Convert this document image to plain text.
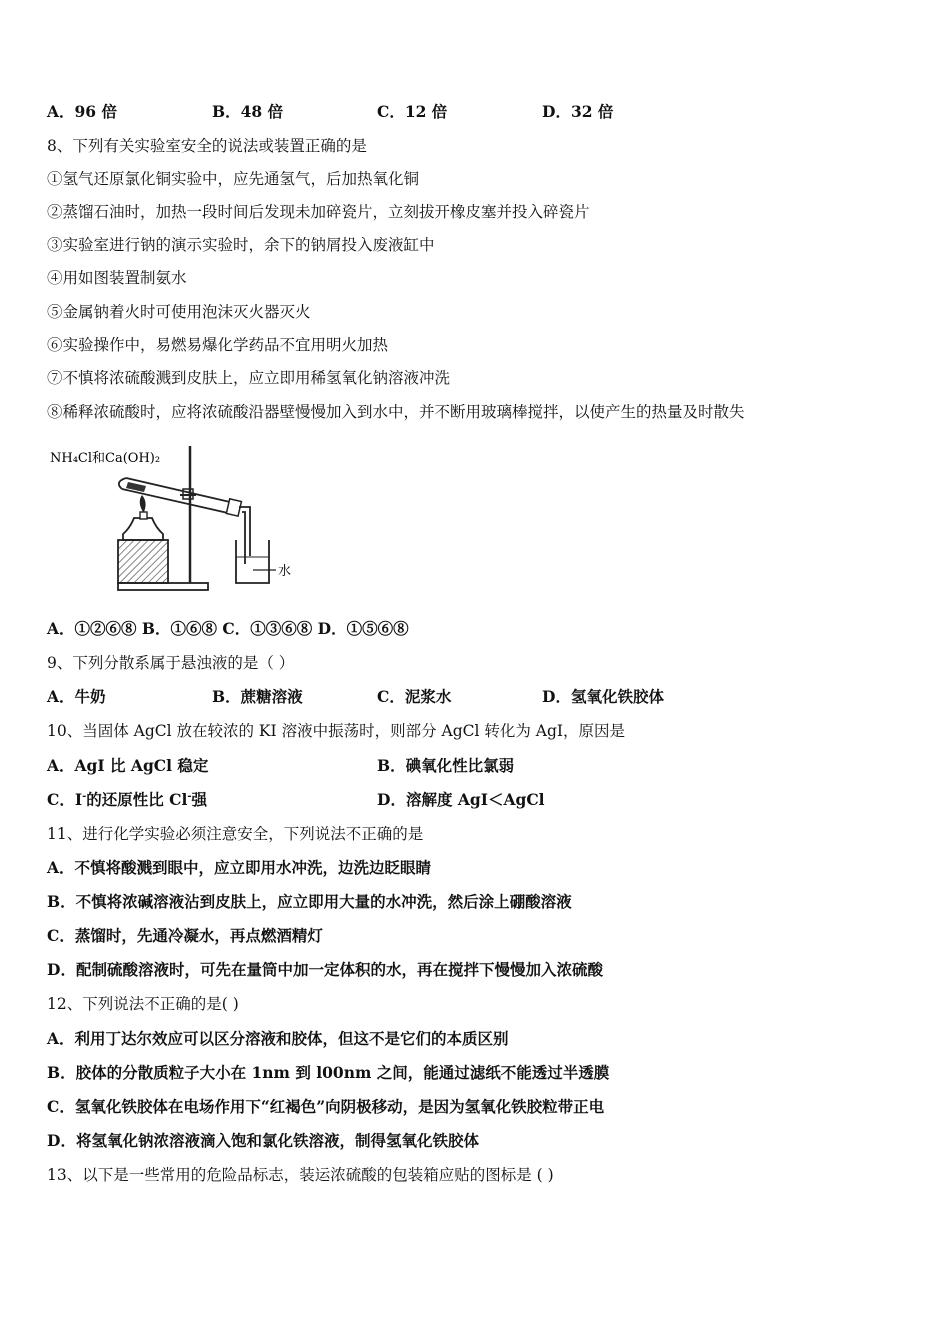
A．96 倍	B．48 倍	C．12 倍	D．32 倍
8、下列有关实验室安全的说法或装置正确的是
①氢气还原氯化铜实验中，应先通氢气，后加热氧化铜
②蒸馏石油时，加热一段时间后发现未加碎瓷片，立刻拔开橡皮塞并投入碎瓷片
③实验室进行钠的演示实验时，余下的钠屑投入废液缸中
④用如图装置制氨水
⑤金属钠着火时可使用泡沫灭火器灭火
⑥实验操作中，易燃易爆化学药品不宜用明火加热
⑦不慎将浓硫酸溅到皮肤上，应立即用稀氢氧化钠溶液冲洗
⑧稀释浓硫酸时，应将浓硫酸沿器壁慢慢加入到水中，并不断用玻璃棒搅拌，以使产生的热量及时散失
NH₄Cl和Ca(OH)₂
水
A．①②⑥⑧ B．①⑥⑧ C．①③⑥⑧ D．①⑤⑥⑧
9、下列分散系属于悬浊液的是（ ）
A．牛奶	B．蔗糖溶液	C．泥浆水	D．氢氧化铁胶体
10、当固体 AgCl 放在较浓的 KI 溶液中振荡时，则部分 AgCl 转化为 AgI，原因是
A．AgI 比 AgCl 稳定	B．碘氧化性比氯弱
C．I-的还原性比 Cl-强	D．溶解度 AgI＜AgCl
11、进行化学实验必须注意安全，下列说法不正确的是
A．不慎将酸溅到眼中，应立即用水冲洗，边洗边眨眼睛
B．不慎将浓碱溶液沾到皮肤上，应立即用大量的水冲洗，然后涂上硼酸溶液
C．蒸馏时，先通冷凝水，再点燃酒精灯
D．配制硫酸溶液时，可先在量筒中加一定体积的水，再在搅拌下慢慢加入浓硫酸
12、下列说法不正确的是( )
A．利用丁达尔效应可以区分溶液和胶体，但这不是它们的本质区别
B．胶体的分散质粒子大小在 1nm 到 l00nm 之间，能通过滤纸不能透过半透膜
C．氢氧化铁胶体在电场作用下“红褐色”向阴极移动，是因为氢氧化铁胶粒带正电
D．将氢氧化钠浓溶液滴入饱和氯化铁溶液，制得氢氧化铁胶体
13、以下是一些常用的危险品标志，装运浓硫酸的包装箱应贴的图标是 ( )
